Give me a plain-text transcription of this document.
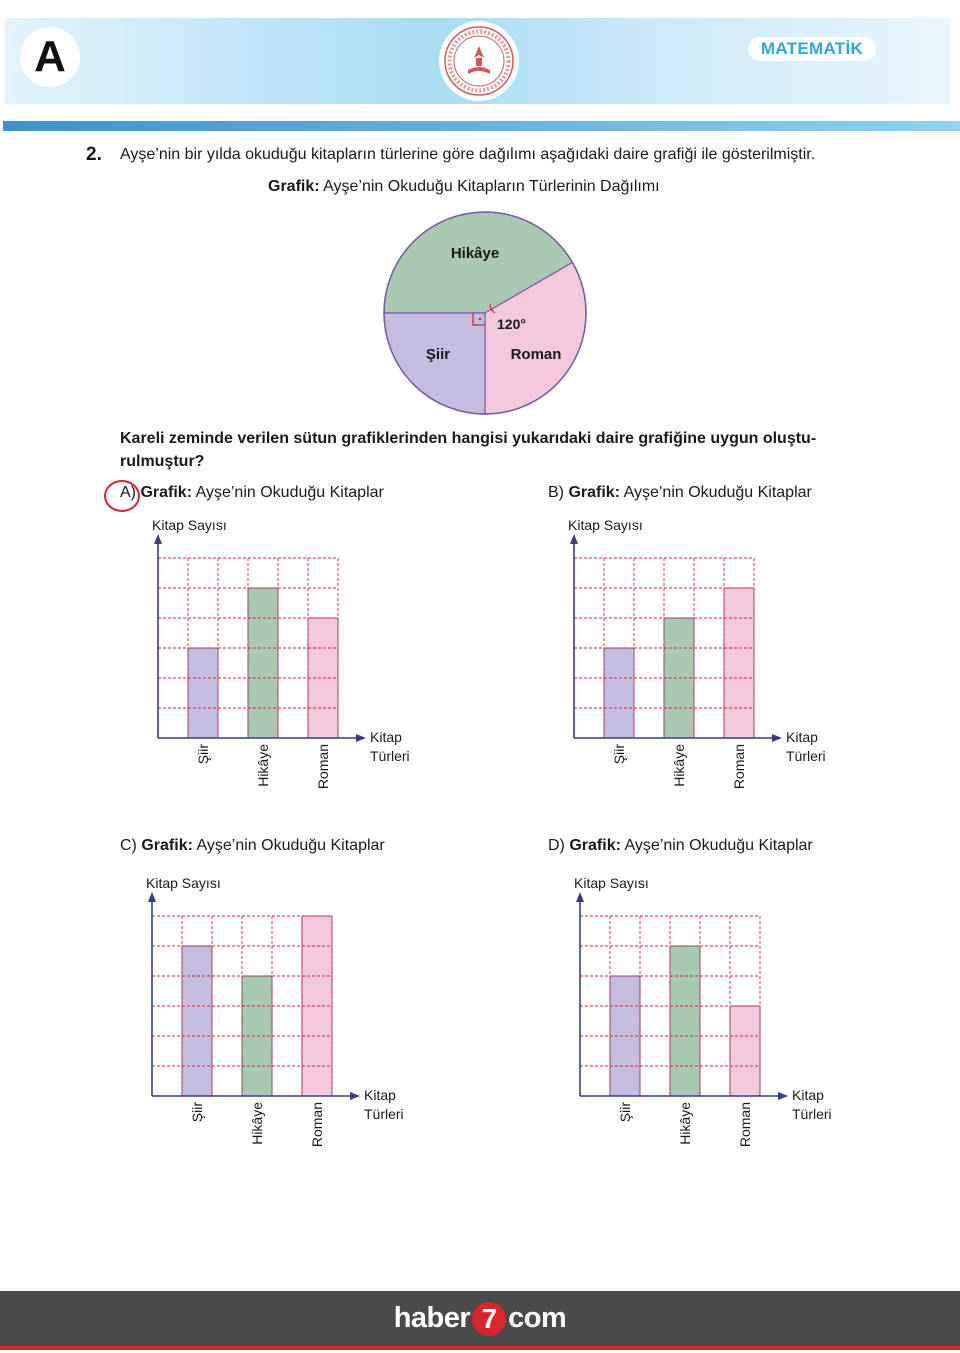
A	MATEMATİK
2. Ayşe’nin bir yılda okuduğu kitapların türlerine göre dağılımı aşağıdaki daire grafiği ile gösterilmiştir.
Grafik: Ayşe’nin Okuduğu Kitapların Türlerinin Dağılımı
Hikâye
Roman
Şiir
120°
Kareli zeminde verilen sütun grafiklerinden hangisi yukarıdaki daire grafiğine uygun oluştu-rulmuştur?
A) Grafik: Ayşe’nin Okuduğu Kitaplar
Kitap Sayısı
Kitap
Türleri
Şiir	Hikâye	Roman
B) Grafik: Ayşe’nin Okuduğu Kitaplar
Kitap Sayısı
Kitap
Türleri
Şiir	Hikâye	Roman
C) Grafik: Ayşe’nin Okuduğu Kitaplar
Kitap Sayısı
Kitap
Türleri
Şiir	Hikâye	Roman
D) Grafik: Ayşe’nin Okuduğu Kitaplar
Kitap Sayısı
Kitap
Türleri
Şiir	Hikâye	Roman
haber 7 com
